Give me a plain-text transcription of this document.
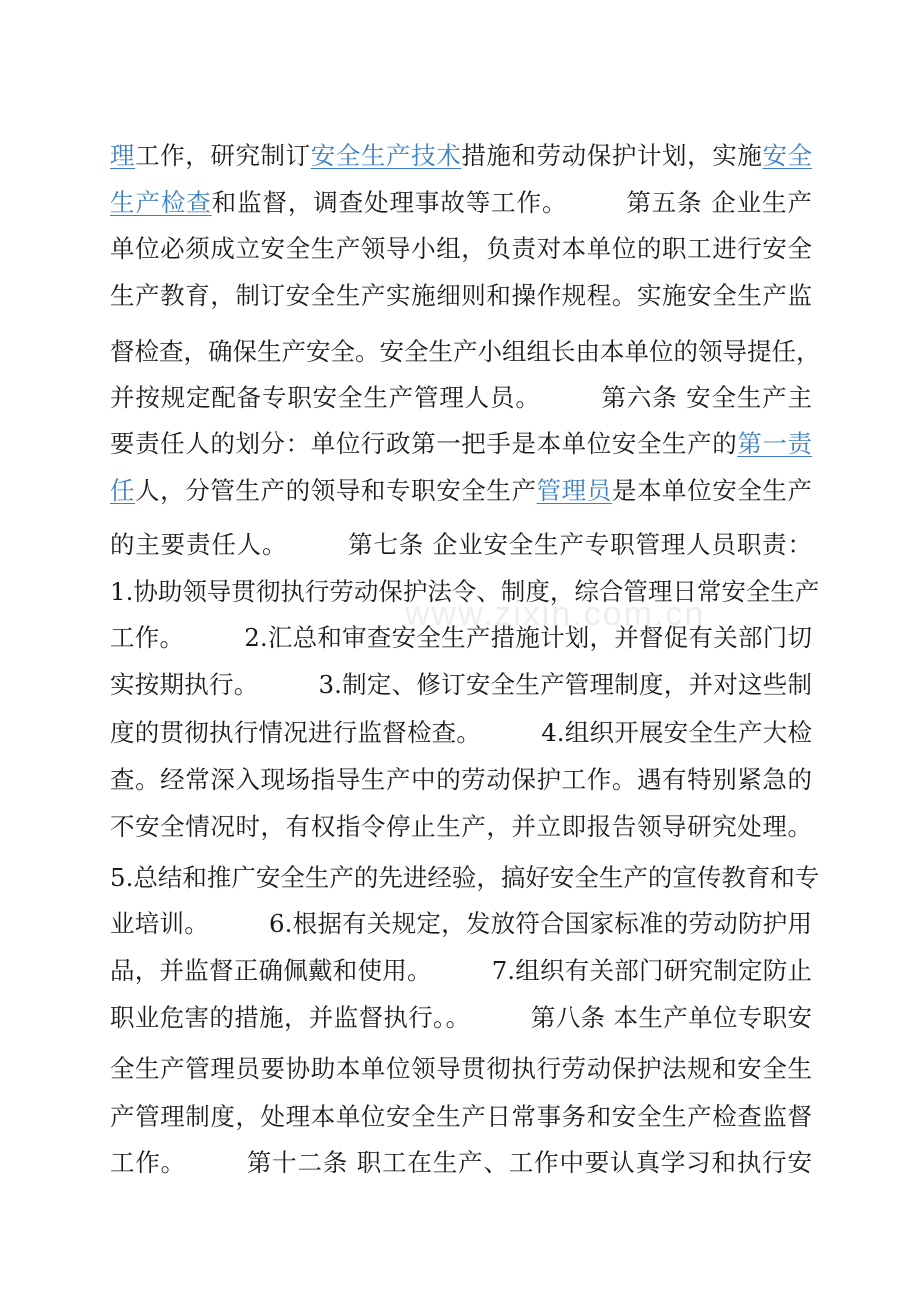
www.zixin.com.cn
理工作，研究制订安全生产技术措施和劳动保护计划，实施安全
生产检查和监督，调查处理事故等工作。 第五条 企业生产
单位必须成立安全生产领导小组，负责对本单位的职工进行安全
生产教育，制订安全生产实施细则和操作规程。实施安全生产监
督检查，确保生产安全。安全生产小组组长由本单位的领导提任，
并按规定配备专职安全生产管理人员。 第六条 安全生产主
要责任人的划分：单位行政第一把手是本单位安全生产的第一责
任人，分管生产的领导和专职安全生产管理员是本单位安全生产
的主要责任人。 第七条 企业安全生产专职管理人员职责：
1.协助领导贯彻执行劳动保护法令、制度，综合管理日常安全生产
工作。 2.汇总和审查安全生产措施计划，并督促有关部门切
实按期执行。 3.制定、修订安全生产管理制度，并对这些制
度的贯彻执行情况进行监督检查。 4.组织开展安全生产大检
查。经常深入现场指导生产中的劳动保护工作。遇有特别紧急的
不安全情况时，有权指令停止生产，并立即报告领导研究处理。
5.总结和推广安全生产的先进经验，搞好安全生产的宣传教育和专
业培训。 6.根据有关规定，发放符合国家标准的劳动防护用
品，并监督正确佩戴和使用。 7.组织有关部门研究制定防止
职业危害的措施，并监督执行。。 第八条 本生产单位专职安
全生产管理员要协助本单位领导贯彻执行劳动保护法规和安全生
产管理制度，处理本单位安全生产日常事务和安全生产检查监督
工作。 第十二条 职工在生产、工作中要认真学习和执行安
